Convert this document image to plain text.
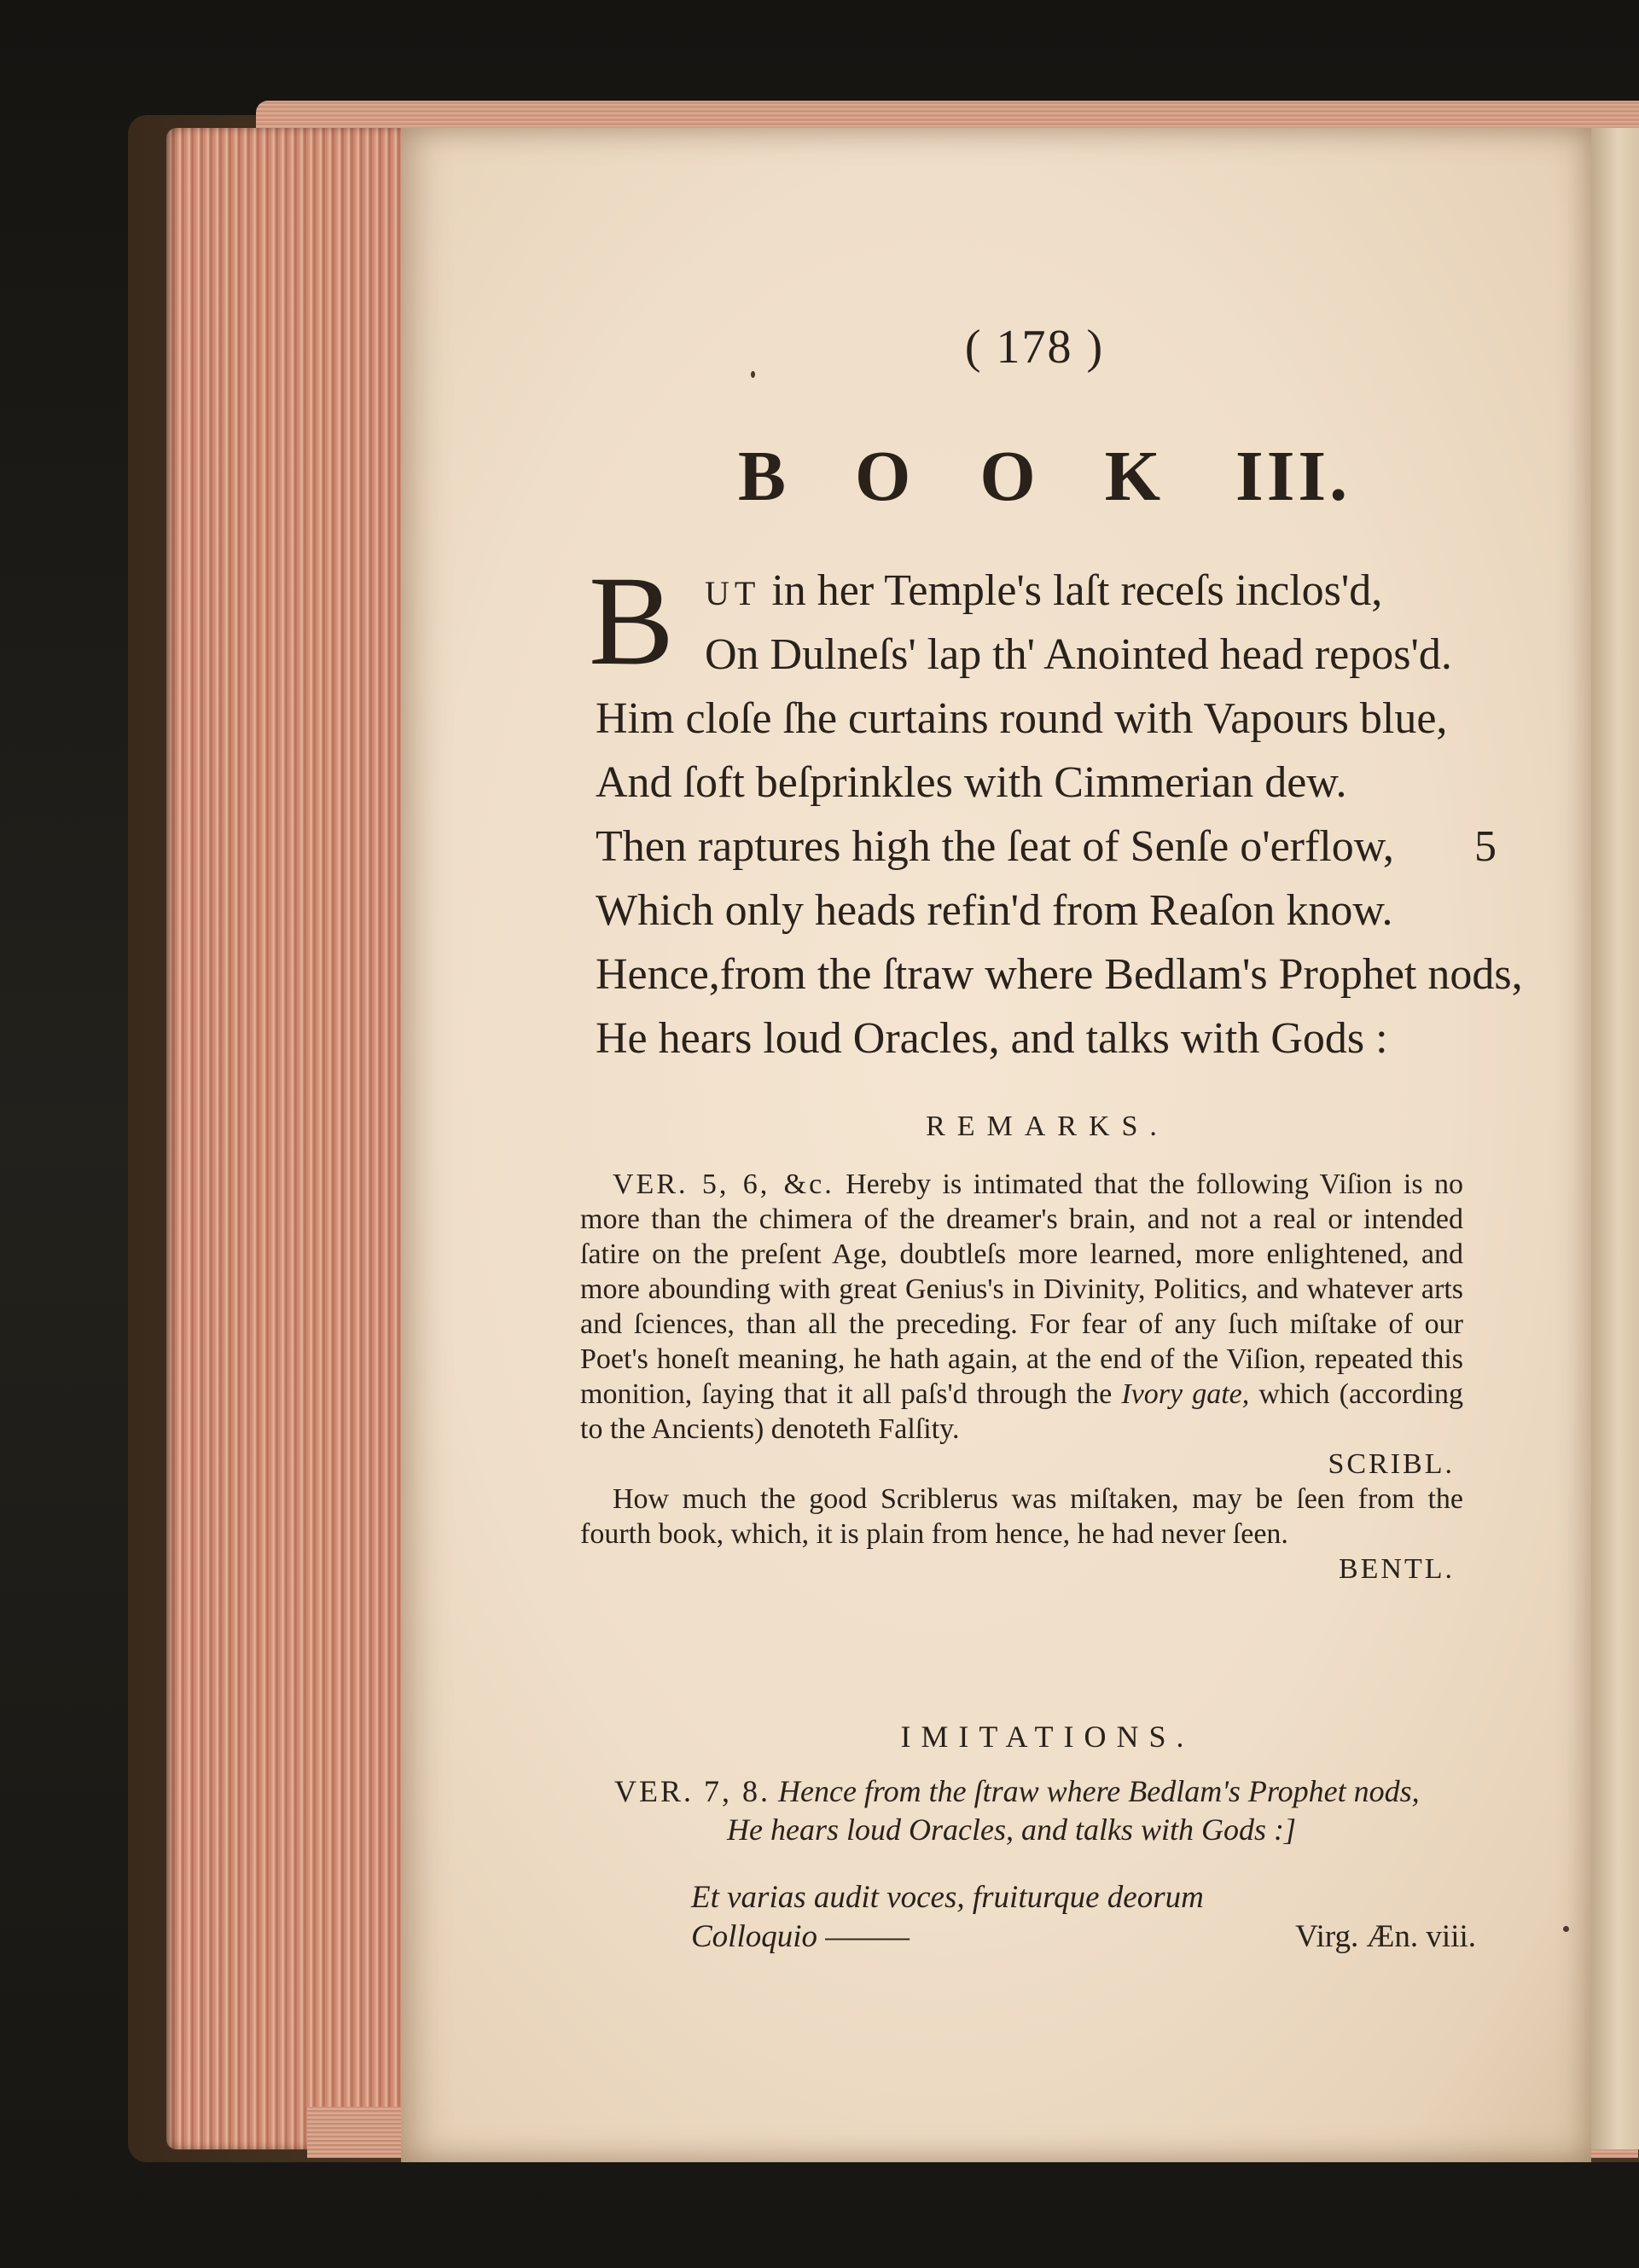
( 178 )
B O O K III.
B UT in her Temple's laſt receſs inclos'd,
On Dulneſs' lap th' Anointed head repos'd.
Him cloſe ſhe curtains round with Vapours blue,
And ſoft beſprinkles with Cimmerian dew.
Then raptures high the ſeat of Senſe o'erflow, 5
Which only heads refin'd from Reaſon know.
Hence,from the ſtraw where Bedlam's Prophet nods,
He hears loud Oracles, and talks with Gods :
REMARKS.

VER. 5, 6, &c. Hereby is intimated that the following Viſion is no more than the chimera of the dreamer's brain, and not a real or intended ſatire on the preſent Age, doubtleſs more learned, more enlightened, and more abounding with great Genius's in Divinity, Politics, and whatever arts and ſciences, than all the preceding. For fear of any ſuch miſtake of our Poet's honeſt meaning, he hath again, at the end of the Viſion, repeated this monition, ſaying that it all paſs'd through the Ivory gate, which (according to the Ancients) denoteth Falſity.

SCRIBL.

How much the good Scriblerus was miſtaken, may be ſeen from the fourth book, which, it is plain from hence, he had never ſeen.

BENTL.

IMITATIONS.
VER. 7, 8. Hence from the ſtraw where Bedlam's Prophet nods,
He hears loud Oracles, and talks with Gods :]
Et varias audit voces, fruiturque deorum
Colloquio ———	Virg. Æn. viii.
